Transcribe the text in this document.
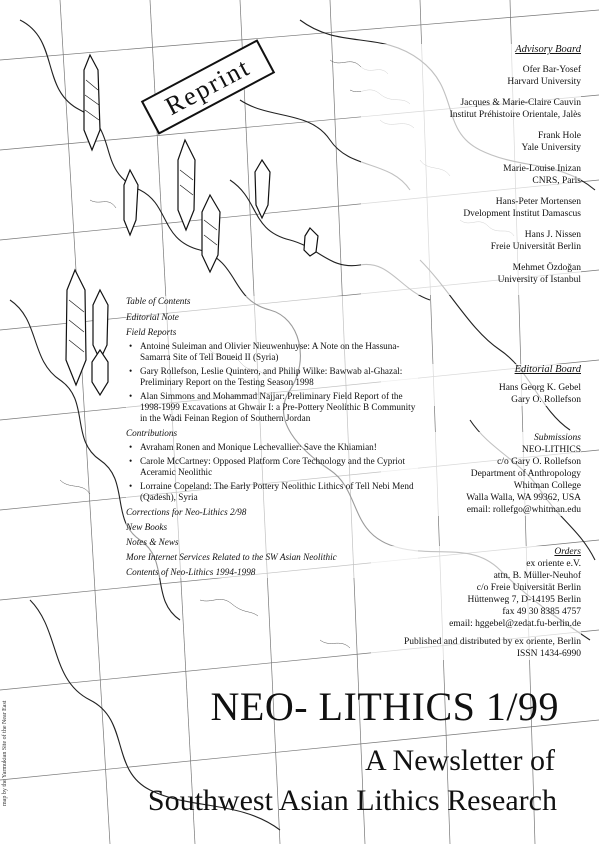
Reprint
Advisory Board
Ofer Bar-Yosef
Harvard University
Jacques & Marie-Claire Cauvin
Institut Préhistoire Orientale, Jalès
Frank Hole
Yale University
Marie-Louise Inizan
CNRS, Paris
Hans-Peter Mortensen
Dvelopment Institut Damascus
Hans J. Nissen
Freie Universität Berlin
Mehmet Özdoğan
University of Istanbul
Editorial Board
Hans Georg K. Gebel
Gary O. Rollefson
Submissions
NEO-LITHICS
c/o Gary O. Rollefson
Department of Anthropology
Whitman College
Walla Walla, WA 99362, USA
email: rollefgo@whitman.edu
Orders
ex oriente e.V.
attn. B. Müller-Neuhof
c/o Freie Universität Berlin
Hüttenweg 7, D-14195 Berlin
fax 49 30 8385 4757
email: hggebel@zedat.fu-berlin.de
Published and distributed by ex oriente, Berlin
ISSN 1434-6990
Table of Contents
Editorial Note
Field Reports
• Antoine Suleiman and Olivier Nieuwenhuyse: A Note on the Hassuna-Samarra Site of Tell Boueid II (Syria)
• Gary Rollefson, Leslie Quintero, and Philip Wilke: Bawwab al-Ghazal: Preliminary Report on the Testing Season 1998
• Alan Simmons and Mohammad Najjar: Preliminary Field Report of the 1998-1999 Excavations at Ghwair I: a Pre-Pottery Neolithic B Community in the Wadi Feinan Region of Southern Jordan
Contributions
• Avraham Ronen and Monique Lechevallier: Save the Khiamian!
• Carole McCartney: Opposed Platform Core Technology and the Cypriot Aceramic Neolithic
• Lorraine Copeland: The Early Pottery Neolithic Lithics of Tell Nebi Mend (Qadesh), Syria
Corrections for Neo-Lithics 2/98
New Books
Notes & News
More Internet Services Related to the SW Asian Neolithic
Contents of Neo-Lithics 1994-1998
NEO- LITHICS 1/99
A Newsletter of
Southwest Asian Lithics Research
map by the Yarmukian Site of the Near East
